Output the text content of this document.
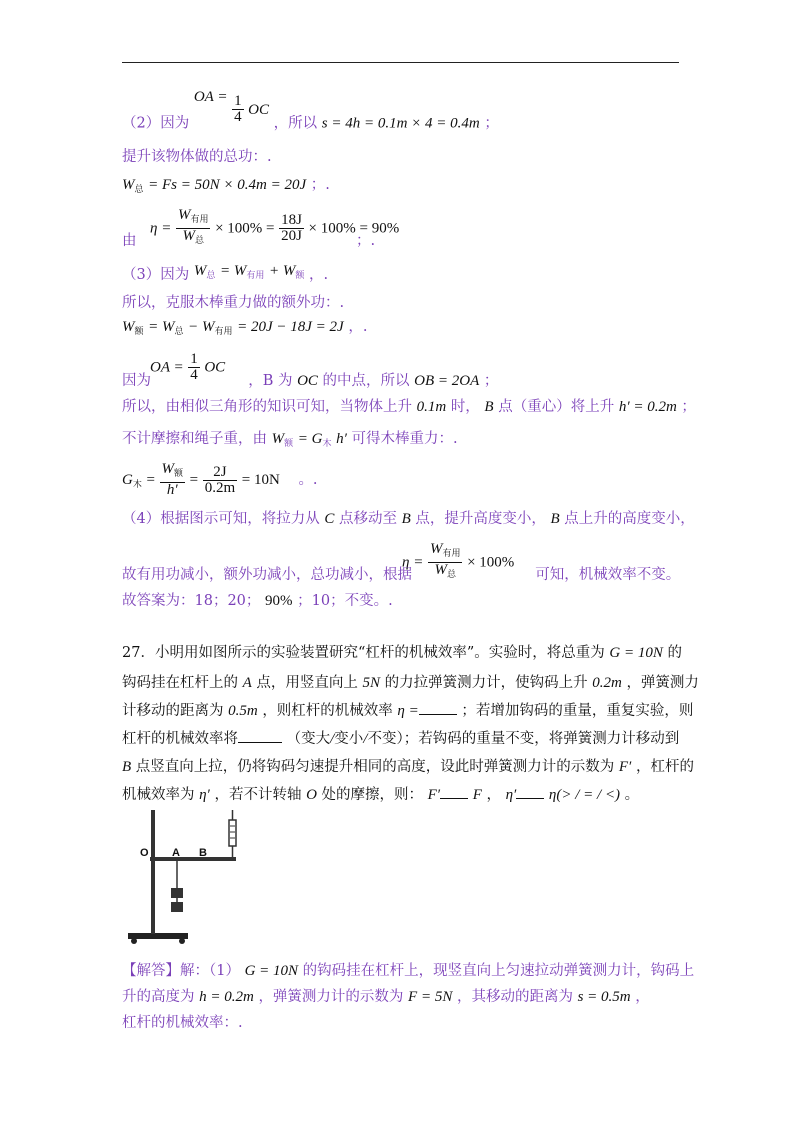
（2）因为 OA = $\frac{1}{4}$ OC ，所以 s = 4h = 0.1m × 4 = 0.4m ；
提升该物体做的总功：.
$W_总 = Fs = 50N \times 0.4m = 20J$ ；.
$\eta = \frac{W_{有用}}{W_总} \times 100\% = \frac{18J}{20J} \times 100\% = 90\%$
由	；.
（3）因为 $W_总 = W_{有用} + W_额$ ，.
所以，克服木棒重力做的额外功：.
$W_额 = W_总 - W_{有用} = 20J - 18J = 2J$ ，.
OA = $\frac{1}{4}$ OC
因为	，B 为 OC 的中点，所以 OB = 2OA ；
所以，由相似三角形的知识可知，当物体上升 0.1m 时， B 点（重心）将上升 h′ = 0.2m ；
不计摩擦和绳子重，由 $W_额 = G_木$ h′ 可得木棒重力：.
$G_木 = \frac{W_额}{h'} = \frac{2J}{0.2m} = 10N$ 。.
（4）根据图示可知，将拉力从 C 点移动至 B 点，提升高度变小， B 点上升的高度变小，
$\eta = \frac{W_{有用}}{W_总} \times 100\%$
故有用功减小，额外功减小，总功减小，根据	可知，机械效率不变。
故答案为：18；20； 90% ；10；不变。.
27．小明用如图所示的实验装置研究“杠杆的机械效率”。实验时，将总重为 G = 10N 的
钩码挂在杠杆上的 A 点，用竖直向上 5N 的力拉弹簧测力计，使钩码上升 0.2m ，弹簧测力
计移动的距离为 0.5m ，则杠杆的机械效率 η =	；若增加钩码的重量，重复实验，则
杠杆的机械效率将	（变大/变小/不变）；若钩码的重量不变，将弹簧测力计移动到
B 点竖直向上拉，仍将钩码匀速提升相同的高度，设此时弹簧测力计的示数为 F′ ，杠杆的
机械效率为 η′ ，若不计转轴 O 处的摩擦，则： F′ F ， η′ η(> / = / <) 。
O A B
【解答】解：（1） G = 10N 的钩码挂在杠杆上，现竖直向上匀速拉动弹簧测力计，钩码上
升的高度为 h = 0.2m ，弹簧测力计的示数为 F = 5N ，其移动的距离为 s = 0.5m ，
杠杆的机械效率：.
